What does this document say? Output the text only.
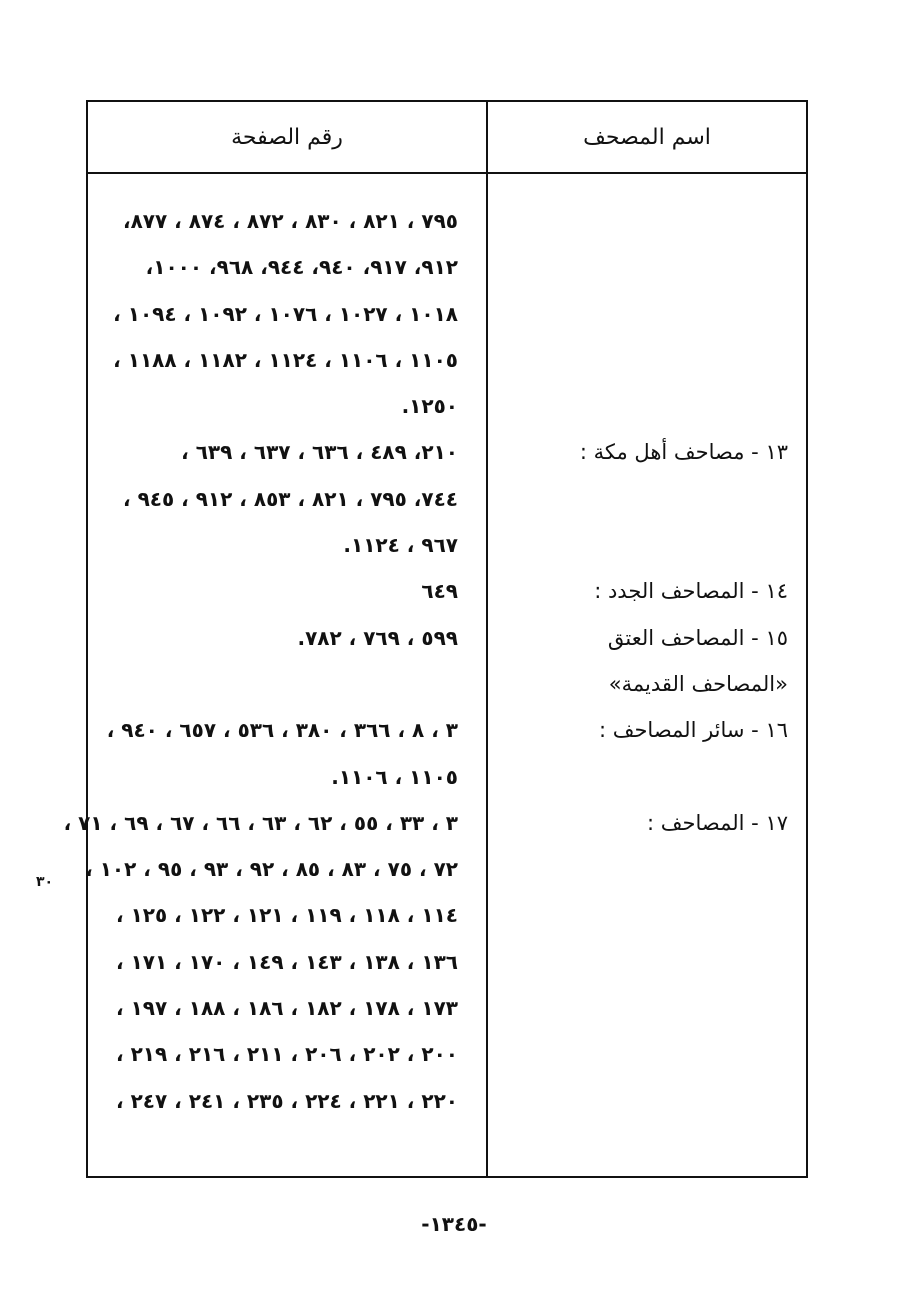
اسم المصحف
رقم الصفحة
١٣ - مصاحف أهل مكة :
١٤ - المصاحف الجدد :
١٥ - المصاحف العتق
«المصاحف القديمة»
١٦ - سائر المصاحف :
١٧ - المصاحف :
٧٩٥ ، ٨٢١ ، ٨٣٠ ، ٨٧٢ ، ٨٧٤ ، ٨٧٧،
٩١٢، ٩١٧، ٩٤٠، ٩٤٤، ٩٦٨، ١٠٠٠،
١٠١٨ ، ١٠٢٧ ، ١٠٧٦ ، ١٠٩٢ ، ١٠٩٤ ،
١١٠٥ ، ١١٠٦ ، ١١٢٤ ، ١١٨٢ ، ١١٨٨ ،
١٢٥٠.
٢١٠، ٤٨٩ ، ٦٣٦ ، ٦٣٧ ، ٦٣٩ ،
٧٤٤، ٧٩٥ ، ٨٢١ ، ٨٥٣ ، ٩١٢ ، ٩٤٥ ،
٩٦٧ ، ١١٢٤.
٦٤٩
٥٩٩ ، ٧٦٩ ، ٧٨٢.
٣ ، ٨ ، ٣٦٦ ، ٣٨٠ ، ٥٣٦ ، ٦٥٧ ، ٩٤٠ ،
١١٠٥ ، ١١٠٦.
٣ ، ٣٣ ، ٥٥ ، ٦٢ ، ٦٣ ، ٦٦ ، ٦٧ ، ٦٩ ، ٧١ ،
٧٢ ، ٧٥ ، ٨٣ ، ٨٥ ، ٩٢ ، ٩٣ ، ٩٥ ، ١٠٢ ،
١١٤ ، ١١٨ ، ١١٩ ، ١٢١ ، ١٢٢ ، ١٢٥ ،
١٣٦ ، ١٣٨ ، ١٤٣ ، ١٤٩ ، ١٧٠ ، ١٧١ ،
١٧٣ ، ١٧٨ ، ١٨٢ ، ١٨٦ ، ١٨٨ ، ١٩٧ ،
٢٠٠ ، ٢٠٢ ، ٢٠٦ ، ٢١١ ، ٢١٦ ، ٢١٩ ،
٢٢٠ ، ٢٢١ ، ٢٢٤ ، ٢٣٥ ، ٢٤١ ، ٢٤٧ ،
٣٠
-١٣٤٥-
